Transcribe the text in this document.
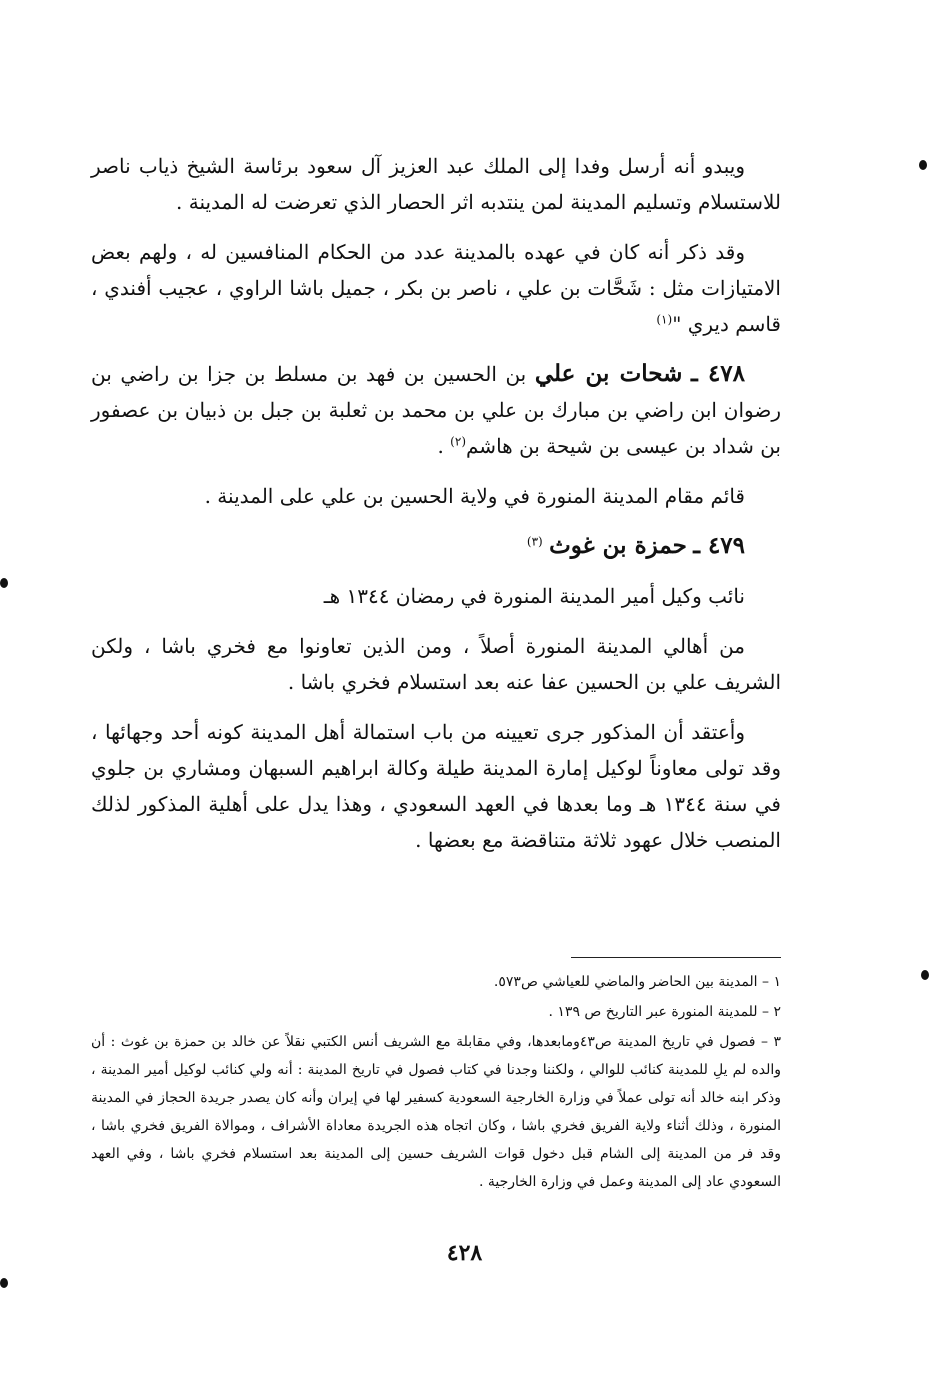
ويبدو أنه أرسل وفدا إلى الملك عبد العزيز آل سعود برئاسة الشيخ ذياب ناصر للاستسلام وتسليم المدينة لمن ينتدبه اثر الحصار الذي تعرضت له المدينة .

وقد ذكر أنه كان في عهده بالمدينة عدد من الحكام المنافسين له ، ولهم بعض الامتيازات مثل : شَحَّات بن علي ، ناصر بن بكر ، جميل باشا الراوي ، عجيب أفندي ، قاسم ديري "$^{(١)}$

٤٧٨ ـ شحات بن علي بن الحسين بن فهد بن مسلط بن جزا بن راضي بن رضوان ابن راضي بن مبارك بن علي بن محمد بن ثعلبة بن جبل بن ذبيان بن عصفور بن شداد بن عيسى بن شيحة بن هاشم$^{(٢)}$ .

قائم مقام المدينة المنورة في ولاية الحسين بن علي على المدينة .

٤٧٩ ـ حمزة بن غوث $^{(٣)}$

نائب وكيل أمير المدينة المنورة في رمضان ١٣٤٤ هـ

من أهالي المدينة المنورة أصلاً ، ومن الذين تعاونوا مع فخري باشا ، ولكن الشريف علي بن الحسين عفا عنه بعد استسلام فخري باشا .

وأعتقد أن المذكور جرى تعيينه من باب استمالة أهل المدينة كونه أحد وجهائها ، وقد تولى معاوناً لوكيل إمارة المدينة طيلة وكالة ابراهيم السبهان ومشاري بن جلوي في سنة ١٣٤٤ هـ وما بعدها في العهد السعودي ، وهذا يدل على أهلية المذكور لذلك المنصب خلال عهود ثلاثة متناقضة مع بعضها .

١ – المدينة بين الحاضر والماضي للعياشي ص٥٧٣.

٢ – للمدينة المنورة عبر التاريخ ص ١٣٩ .

٣ – فصول في تاريخ المدينة ص٤٣ومابعدها، وفي مقابلة مع الشريف أنس الكتبي نقلاً عن خالد بن حمزة بن غوث : أن والده لم يلِ للمدينة كنائب للوالي ، ولكننا وجدنا في كتاب فصول في تاريخ المدينة : أنه ولي كنائب لوكيل أمير المدينة ، وذكر ابنه خالد أنه تولى عملاً في وزارة الخارجية السعودية كسفير لها في إيران وأنه كان يصدر جريدة الحجاز في المدينة المنورة ، وذلك أثناء ولاية الفريق فخري باشا ، وكان اتجاه هذه الجريدة معاداة الأشراف ، وموالاة الفريق فخري باشا ، وقد فر من المدينة إلى الشام قبل دخول قوات الشريف حسين إلى المدينة بعد استسلام فخري باشا ، وفي العهد السعودي عاد إلى المدينة وعمل في وزارة الخارجية .

٤٢٨
